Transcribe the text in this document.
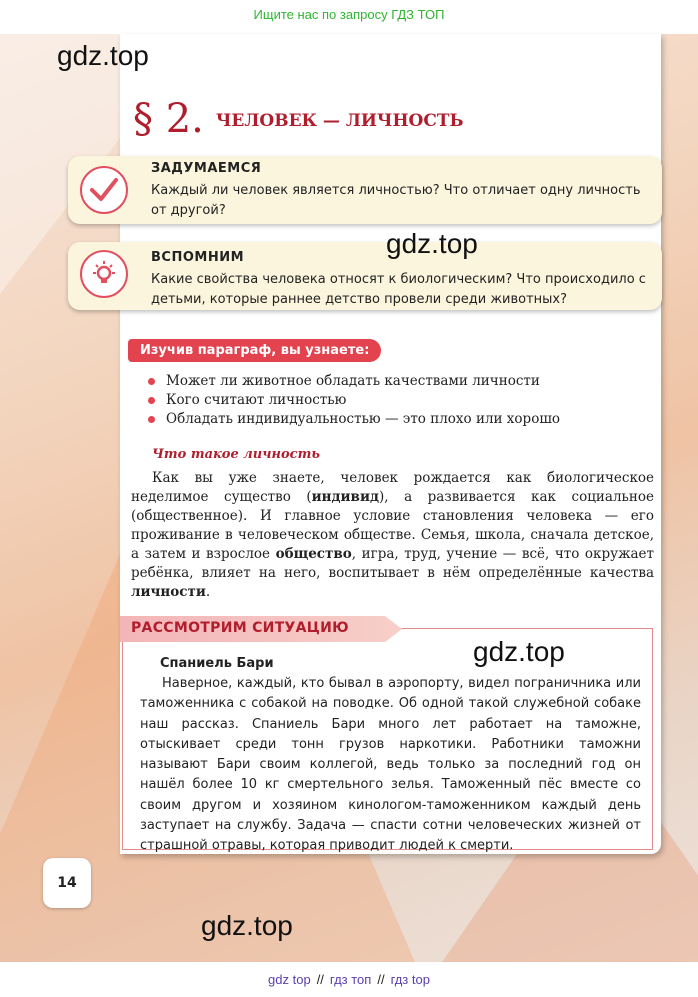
Ищите нас по запросу ГДЗ ТОП
§ 2. ЧЕЛОВЕК — ЛИЧНОСТЬ
ЗАДУМАЕМСЯ
Каждый ли человек является личностью? Что отличает одну личность от другой?
ВСПОМНИМ
Какие свойства человека относят к биологическим? Что происходило с детьми, которые раннее детство провели среди животных?
Изучив параграф, вы узнаете:
Может ли животное обладать качествами личности
Кого считают личностью
Обладать индивидуальностью — это плохо или хорошо
Что такое личность

Как вы уже знаете, человек рождается как биологическое неделимое существо (индивид), а развивается как социальное (общественное). И главное условие становления человека — его проживание в человеческом обществе. Семья, школа, сначала детское, а затем и взрослое общество, игра, труд, учение — всё, что окружает ребёнка, влияет на него, воспитывает в нём определённые качества личности.

РАССМОТРИМ СИТУАЦИЮ
Спаниель Бари

Наверное, каждый, кто бывал в аэропорту, видел пограничника или таможенника с собакой на поводке. Об одной такой служебной собаке наш рассказ. Спаниель Бари много лет работает на таможне, отыскивает среди тонн грузов наркотики. Работники таможни называют Бари своим коллегой, ведь только за последний год он нашёл более 10 кг смертельного зелья. Таможенный пёс вместе со своим другом и хозяином кинологом-таможенником каждый день заступает на службу. Задача — спасти сотни человеческих жизней от страшной отравы, которая приводит людей к смерти.

14
gdz.top
gdz.top
gdz.top
gdz.top
gdz top // гдз топ // гдз top
